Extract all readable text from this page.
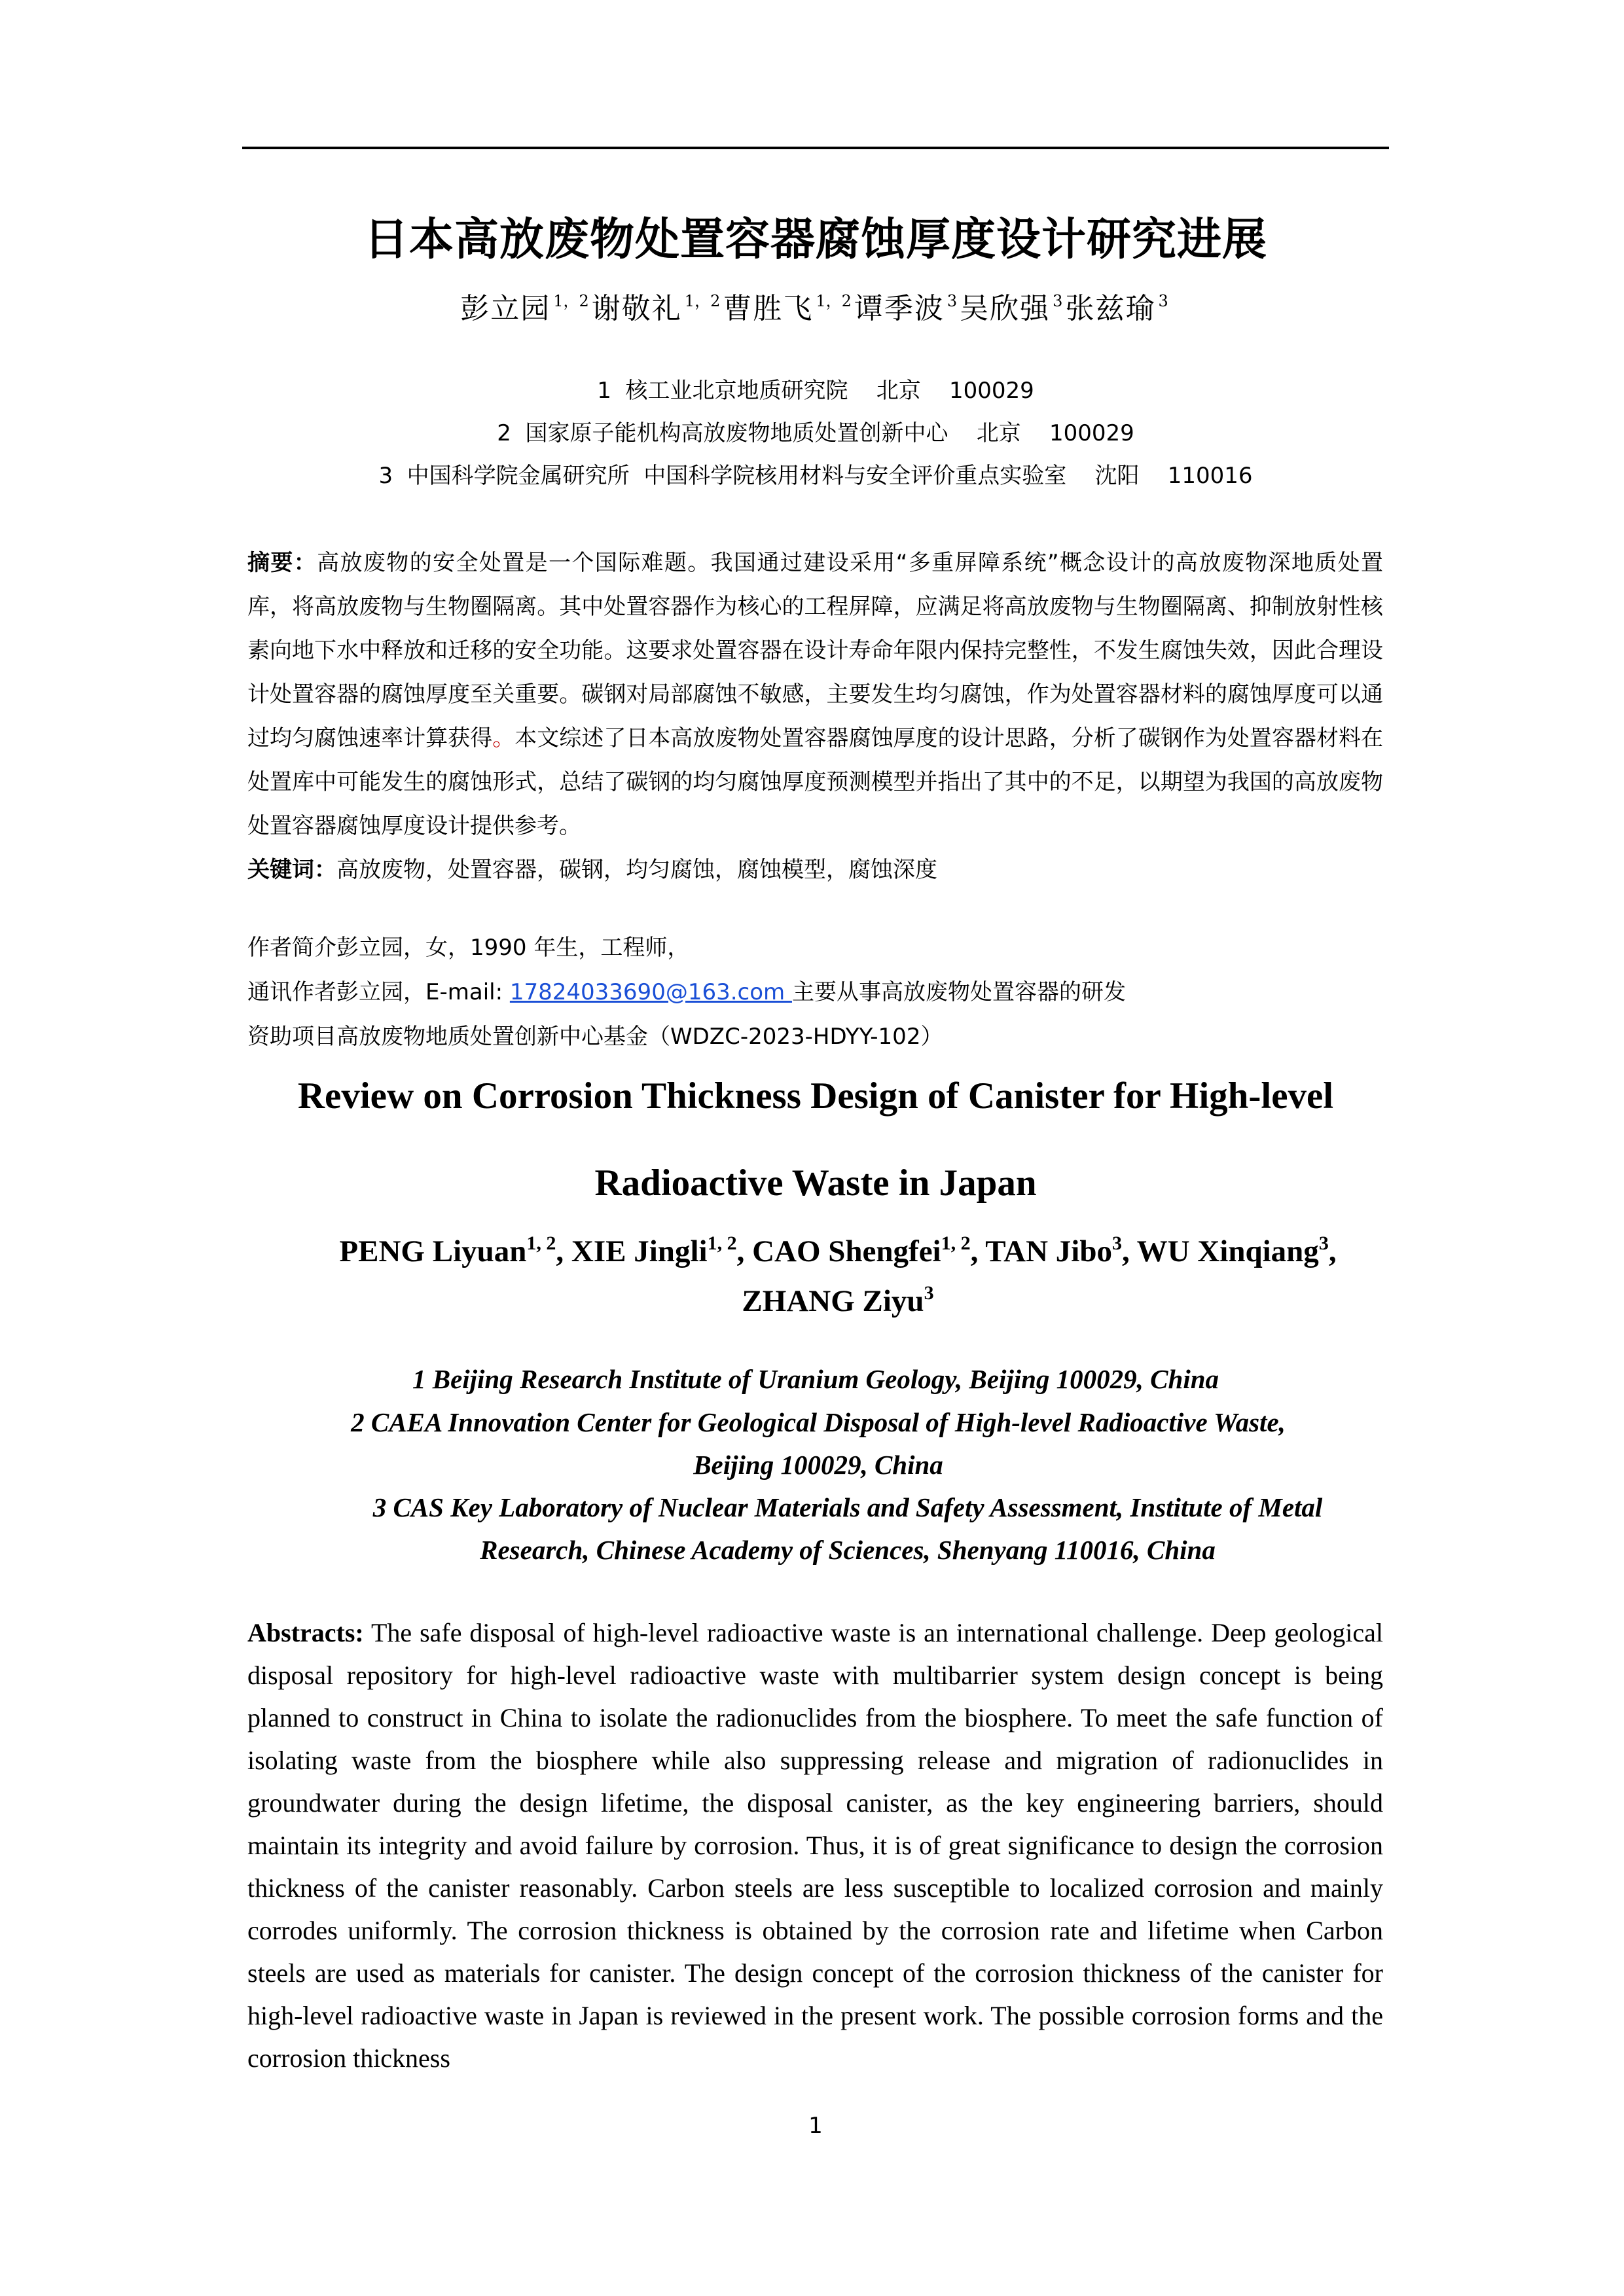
日本高放废物处置容器腐蚀厚度设计研究进展
彭立园 $^{1,2}$谢敬礼 $^{1,2}$曹胜飞 $^{1,2}$谭季波 $^3$吴欣强 $^3$张兹瑜 $^3$
1  核工业北京地质研究院    北京    100029
2  国家原子能机构高放废物地质处置创新中心    北京    100029
3  中国科学院金属研究所  中国科学院核用材料与安全评价重点实验室    沈阳    110016
摘要：高放废物的安全处置是一个国际难题。我国通过建设采用“多重屏障系统”概念设计的高放废物深地质处置库，将高放废物与生物圈隔离。其中处置容器作为核心的工程屏障，应满足将高放废物与生物圈隔离、抑制放射性核素向地下水中释放和迁移的安全功能。这要求处置容器在设计寿命年限内保持完整性，不发生腐蚀失效，因此合理设计处置容器的腐蚀厚度至关重要。碳钢对局部腐蚀不敏感，主要发生均匀腐蚀，作为处置容器材料的腐蚀厚度可以通过均匀腐蚀速率计算获得。本文综述了日本高放废物处置容器腐蚀厚度的设计思路，分析了碳钢作为处置容器材料在处置库中可能发生的腐蚀形式，总结了碳钢的均匀腐蚀厚度预测模型并指出了其中的不足，以期望为我国的高放废物处置容器腐蚀厚度设计提供参考。
关键词：高放废物，处置容器，碳钢，均匀腐蚀，腐蚀模型，腐蚀深度
作者简介彭立园，女，1990 年生，工程师，
通讯作者彭立园，E-mail: 17824033690@163.com 主要从事高放废物处置容器的研发
资助项目高放废物地质处置创新中心基金（WDZC-2023-HDYY-102）
Review on Corrosion Thickness Design of Canister for High-level
Radioactive Waste in Japan
PENG Liyuan$^{1, 2}$, XIE Jingli$^{1, 2}$, CAO Shengfei$^{1, 2}$, TAN Jibo$^3$, WU Xinqiang$^3$,
ZHANG Ziyu$^3$
1 Beijing Research Institute of Uranium Geology, Beijing 100029, China
2 CAEA Innovation Center for Geological Disposal of High-level Radioactive Waste, Beijing 100029, China
3 CAS Key Laboratory of Nuclear Materials and Safety Assessment, Institute of Metal Research, Chinese Academy of Sciences, Shenyang 110016, China
Abstracts: The safe disposal of high-level radioactive waste is an international challenge. Deep geological disposal repository for high-level radioactive waste with multibarrier system design concept is being planned to construct in China to isolate the radionuclides from the biosphere. To meet the safe function of isolating waste from the biosphere while also suppressing release and migration of radionuclides in groundwater during the design lifetime, the disposal canister, as the key engineering barriers, should maintain its integrity and avoid failure by corrosion. Thus, it is of great significance to design the corrosion thickness of the canister reasonably. Carbon steels are less susceptible to localized corrosion and mainly corrodes uniformly. The corrosion thickness is obtained by the corrosion rate and lifetime when Carbon steels are used as materials for canister. The design concept of the corrosion thickness of the canister for high-level radioactive waste in Japan is reviewed in the present work. The possible corrosion forms and the corrosion thickness
1
